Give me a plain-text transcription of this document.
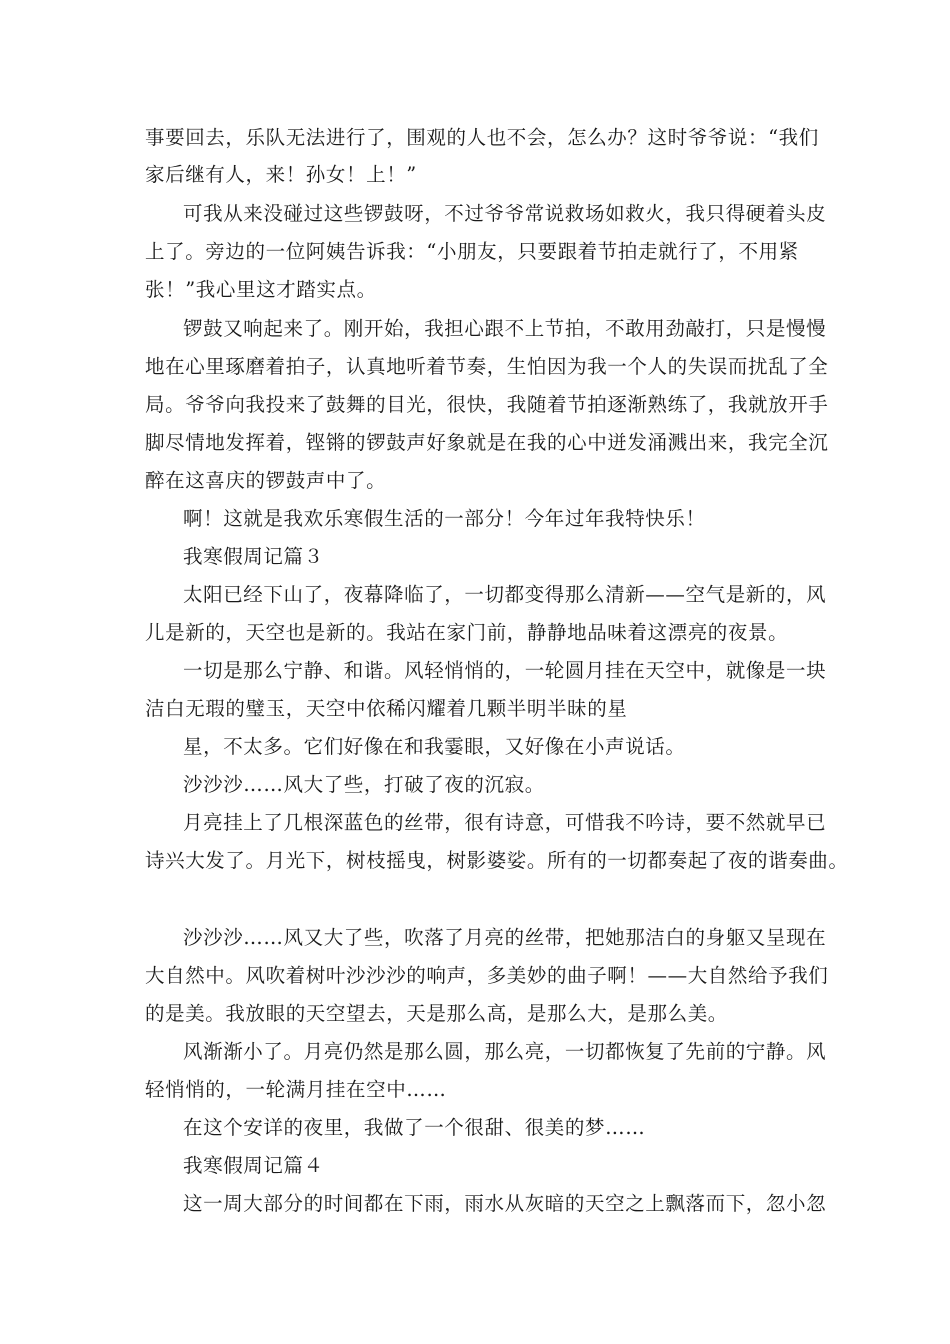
事要回去，乐队无法进行了，围观的人也不会，怎么办？这时爷爷说：“我们
家后继有人，来！孙女！上！”
可我从来没碰过这些锣鼓呀，不过爷爷常说救场如救火，我只得硬着头皮
上了。旁边的一位阿姨告诉我：“小朋友，只要跟着节拍走就行了，不用紧
张！”我心里这才踏实点。
锣鼓又响起来了。刚开始，我担心跟不上节拍，不敢用劲敲打，只是慢慢
地在心里琢磨着拍子，认真地听着节奏，生怕因为我一个人的失误而扰乱了全
局。爷爷向我投来了鼓舞的目光，很快，我随着节拍逐渐熟练了，我就放开手
脚尽情地发挥着，铿锵的锣鼓声好象就是在我的心中迸发涌溅出来，我完全沉
醉在这喜庆的锣鼓声中了。
啊！这就是我欢乐寒假生活的一部分！今年过年我特快乐！
我寒假周记篇３
太阳已经下山了，夜幕降临了，一切都变得那么清新——空气是新的，风
儿是新的，天空也是新的。我站在家门前，静静地品味着这漂亮的夜景。
一切是那么宁静、和谐。风轻悄悄的，一轮圆月挂在天空中，就像是一块
洁白无瑕的璧玉，天空中依稀闪耀着几颗半明半昧的星
星，不太多。它们好像在和我霎眼，又好像在小声说话。
沙沙沙……风大了些，打破了夜的沉寂。
月亮挂上了几根深蓝色的丝带，很有诗意，可惜我不吟诗，要不然就早已
诗兴大发了。月光下，树枝摇曳，树影婆娑。所有的一切都奏起了夜的谐奏曲。
沙沙沙……风又大了些，吹落了月亮的丝带，把她那洁白的身躯又呈现在
大自然中。风吹着树叶沙沙沙的响声，多美妙的曲子啊！——大自然给予我们
的是美。我放眼的天空望去，天是那么高，是那么大，是那么美。
风渐渐小了。月亮仍然是那么圆，那么亮，一切都恢复了先前的宁静。风
轻悄悄的，一轮满月挂在空中……
在这个安详的夜里，我做了一个很甜、很美的梦……
我寒假周记篇４
这一周大部分的时间都在下雨，雨水从灰暗的天空之上飘落而下，忽小忽
